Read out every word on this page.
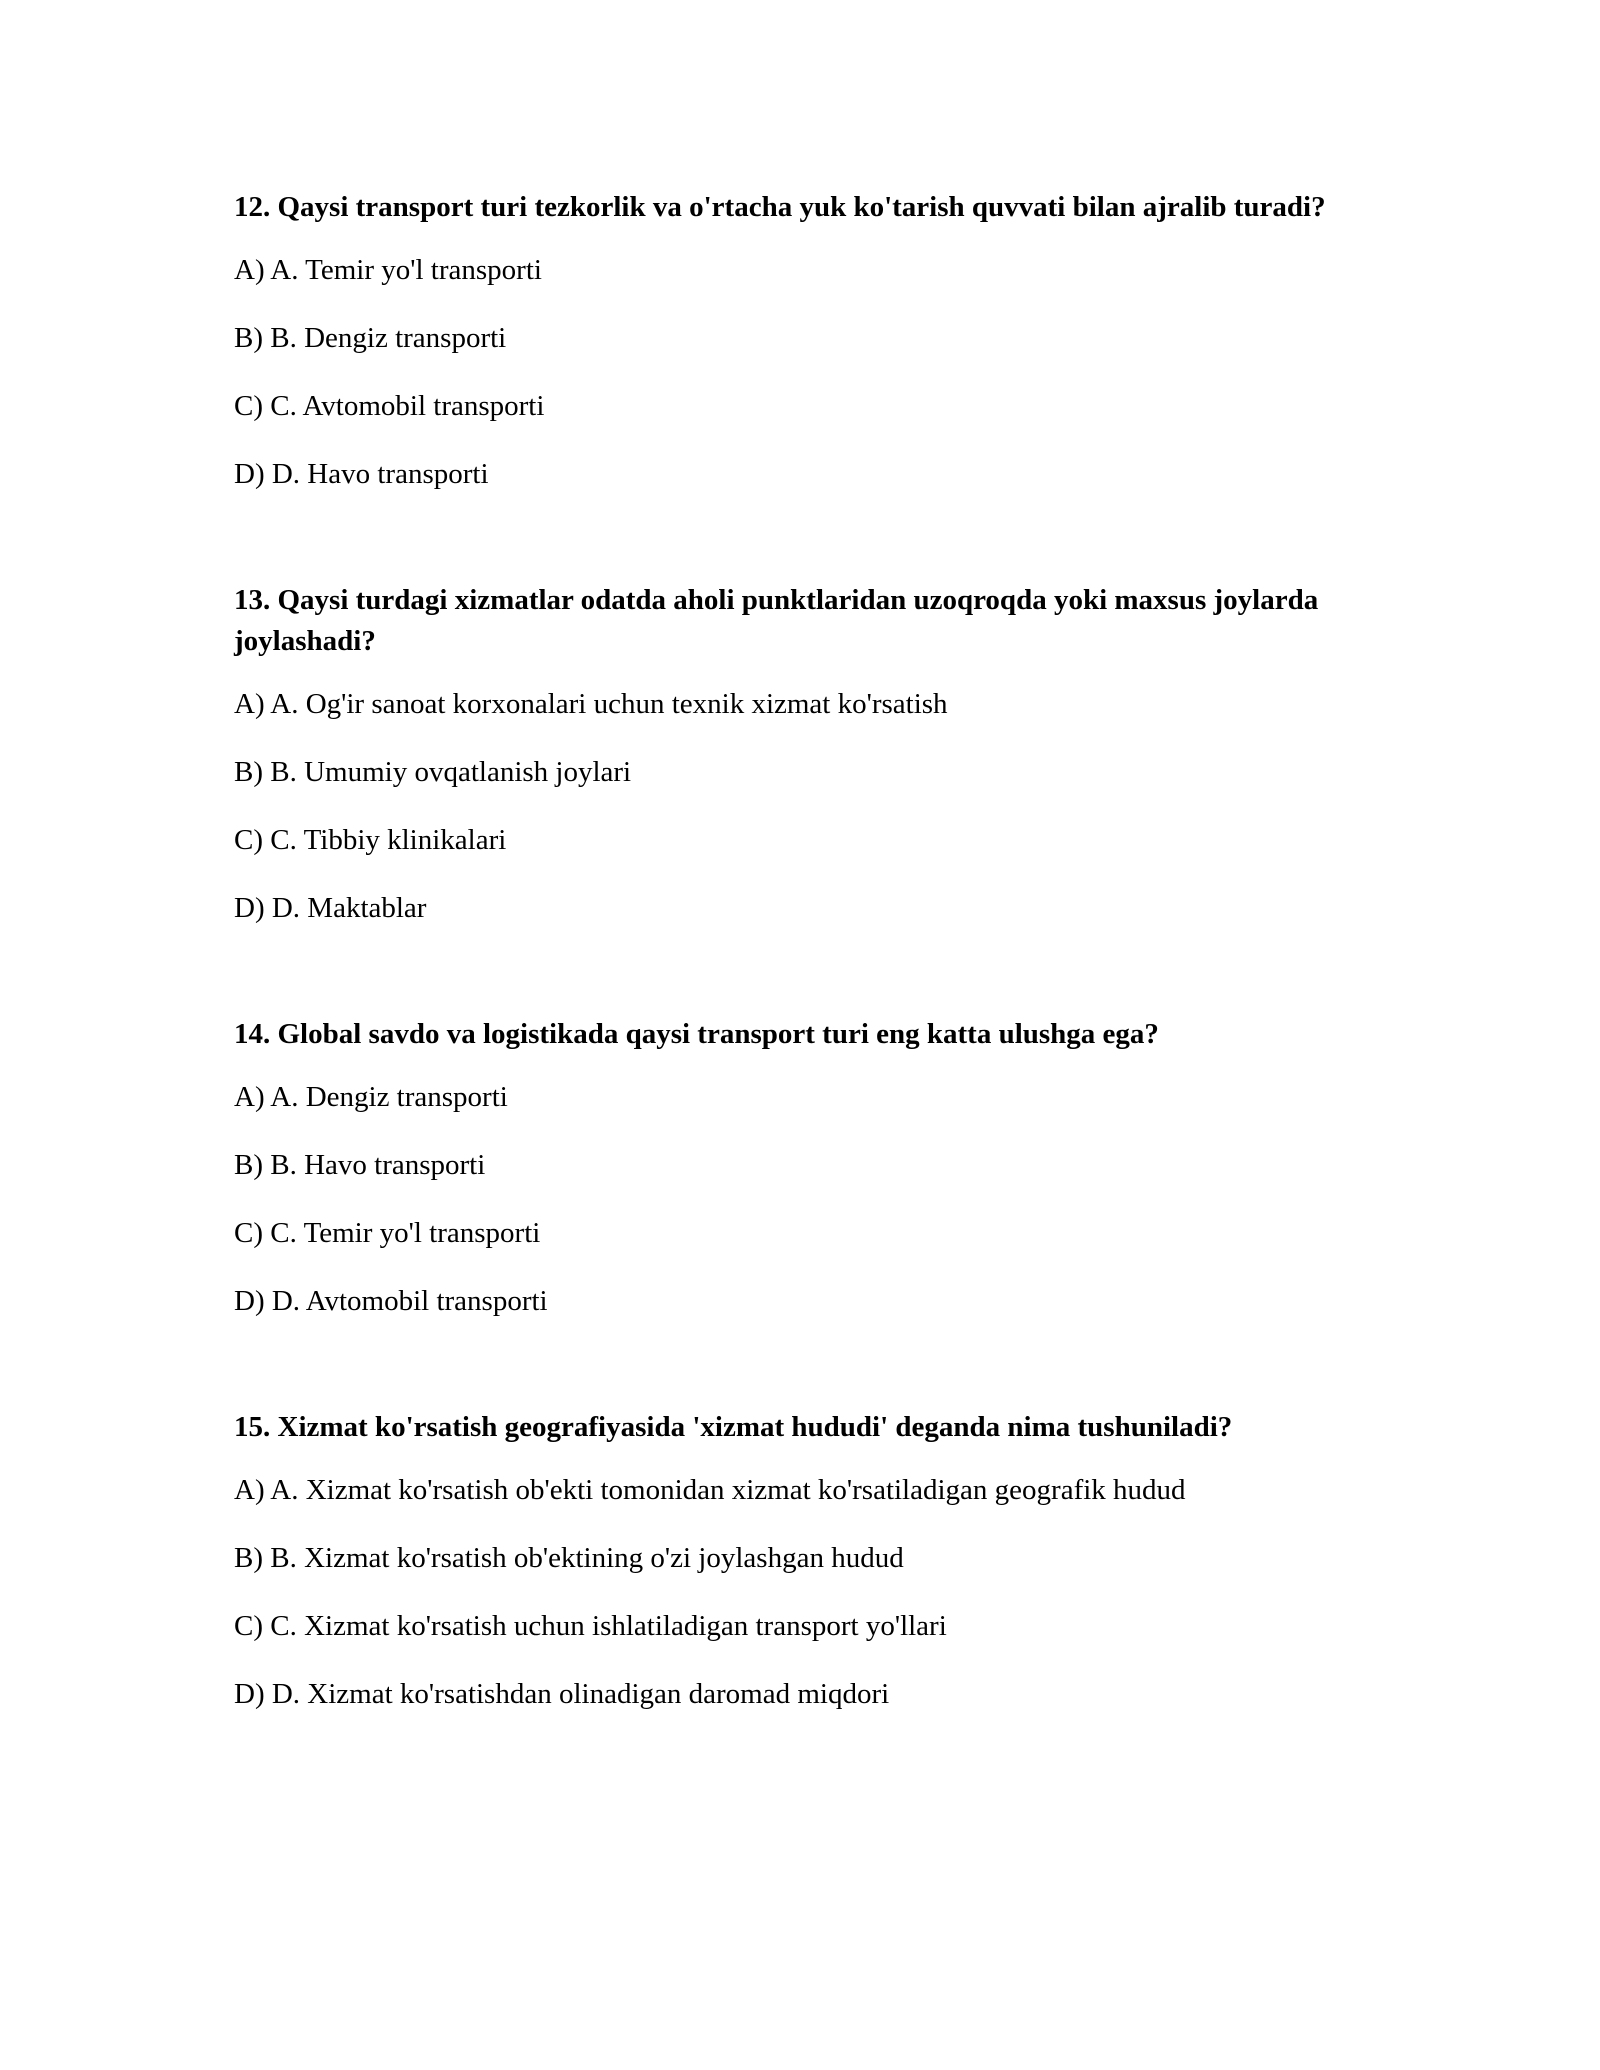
12. Qaysi transport turi tezkorlik va o'rtacha yuk ko'tarish quvvati bilan ajralib turadi?
A) A. Temir yo'l transporti
B) B. Dengiz transporti
C) C. Avtomobil transporti
D) D. Havo transporti
13. Qaysi turdagi xizmatlar odatda aholi punktlaridan uzoqroqda yoki maxsus joylarda joylashadi?
A) A. Og'ir sanoat korxonalari uchun texnik xizmat ko'rsatish
B) B. Umumiy ovqatlanish joylari
C) C. Tibbiy klinikalari
D) D. Maktablar
14. Global savdo va logistikada qaysi transport turi eng katta ulushga ega?
A) A. Dengiz transporti
B) B. Havo transporti
C) C. Temir yo'l transporti
D) D. Avtomobil transporti
15. Xizmat ko'rsatish geografiyasida 'xizmat hududi' deganda nima tushuniladi?
A) A. Xizmat ko'rsatish ob'ekti tomonidan xizmat ko'rsatiladigan geografik hudud
B) B. Xizmat ko'rsatish ob'ektining o'zi joylashgan hudud
C) C. Xizmat ko'rsatish uchun ishlatiladigan transport yo'llari
D) D. Xizmat ko'rsatishdan olinadigan daromad miqdori
